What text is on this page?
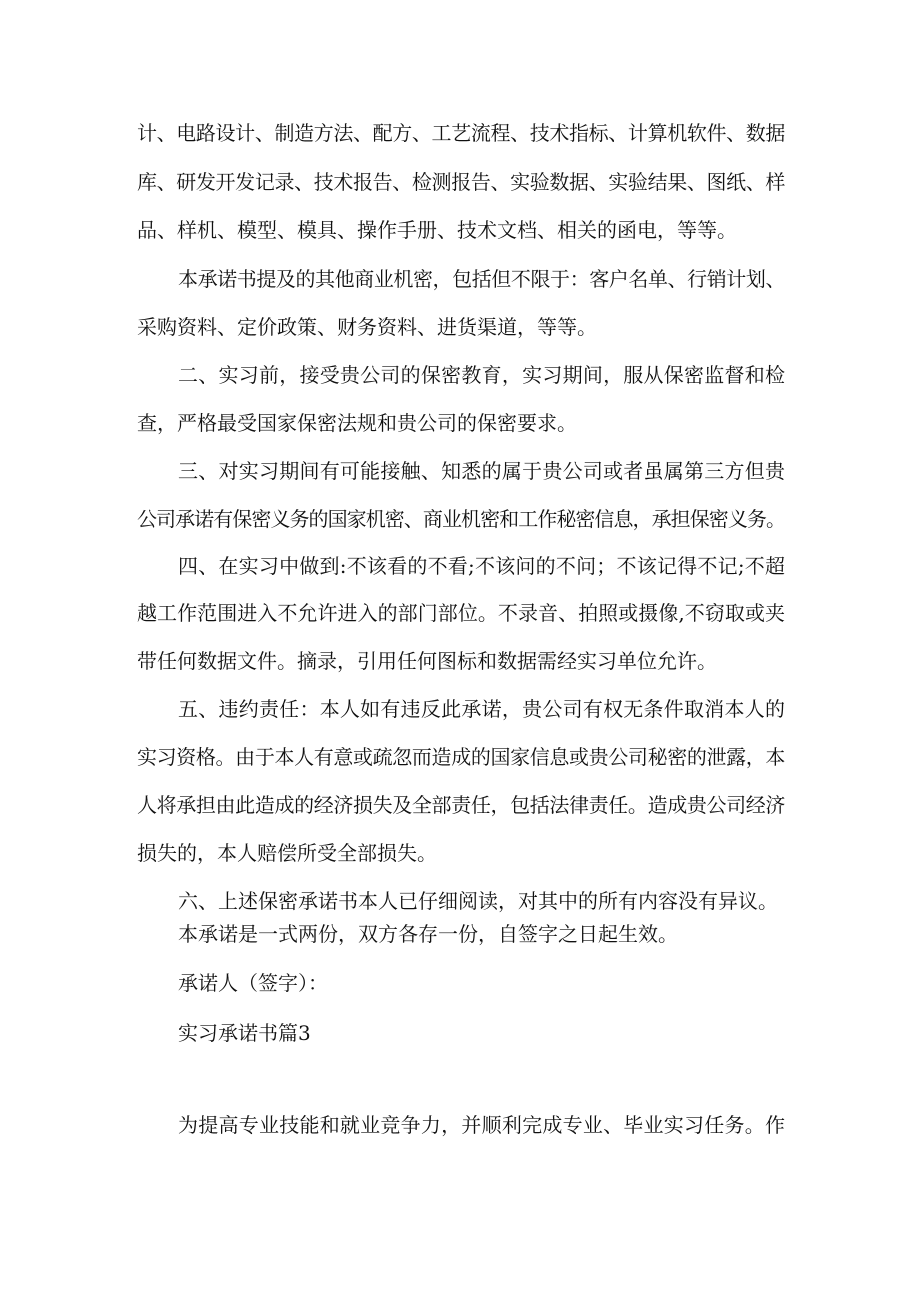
计、电路设计、制造方法、配方、工艺流程、技术指标、计算机软件、数据
库、研发开发记录、技术报告、检测报告、实验数据、实验结果、图纸、样
品、样机、模型、模具、操作手册、技术文档、相关的函电，等等。
本承诺书提及的其他商业机密，包括但不限于：客户名单、行销计划、
采购资料、定价政策、财务资料、进货渠道，等等。
二、实习前，接受贵公司的保密教育，实习期间，服从保密监督和检
查，严格最受国家保密法规和贵公司的保密要求。
三、对实习期间有可能接触、知悉的属于贵公司或者虽属第三方但贵
公司承诺有保密义务的国家机密、商业机密和工作秘密信息，承担保密义务。
四、在实习中做到:不该看的不看;不该问的不问；不该记得不记;不超
越工作范围进入不允许进入的部门部位。不录音、拍照或摄像,不窃取或夹
带任何数据文件。摘录，引用任何图标和数据需经实习单位允许。
五、违约责任：本人如有违反此承诺，贵公司有权无条件取消本人的
实习资格。由于本人有意或疏忽而造成的国家信息或贵公司秘密的泄露，本
人将承担由此造成的经济损失及全部责任，包括法律责任。造成贵公司经济
损失的，本人赔偿所受全部损失。
六、上述保密承诺书本人已仔细阅读，对其中的所有内容没有异议。
本承诺是一式两份，双方各存一份，自签字之日起生效。
承诺人（签字）：
实习承诺书篇3
为提高专业技能和就业竞争力，并顺利完成专业、毕业实习任务。作
